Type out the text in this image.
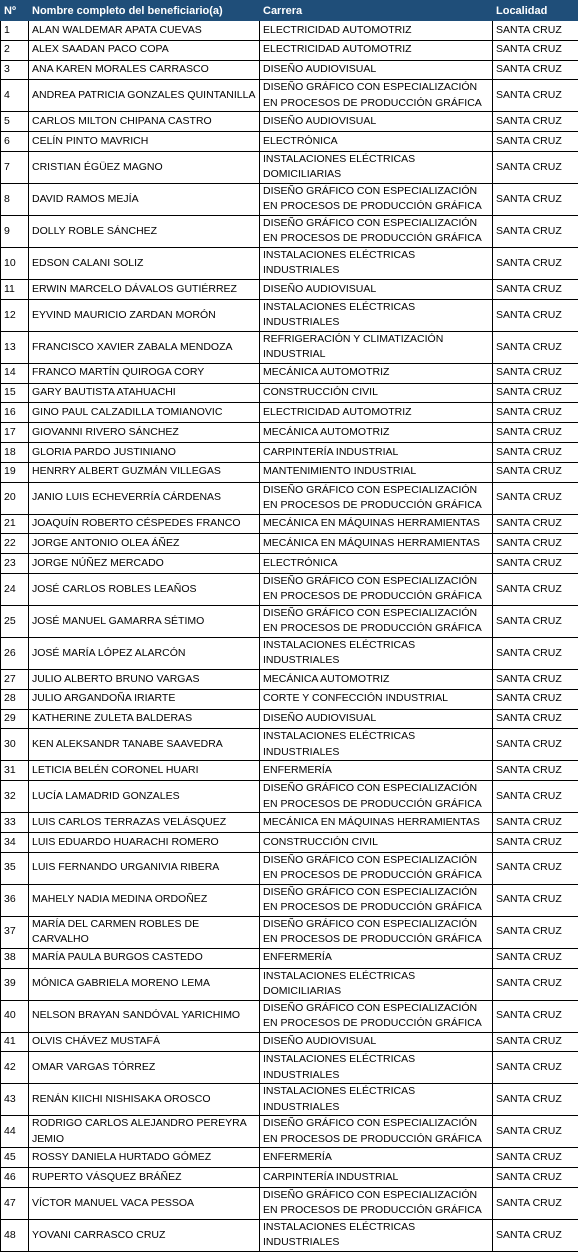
Nº	Nombre completo del beneficiario(a)	Carrera	Localidad
1	ALAN WALDEMAR APATA CUEVAS	ELECTRICIDAD AUTOMOTRIZ	SANTA CRUZ
2	ALEX SAADAN PACO COPA	ELECTRICIDAD AUTOMOTRIZ	SANTA CRUZ
3	ANA KAREN MORALES CARRASCO	DISEÑO AUDIOVISUAL	SANTA CRUZ
4	ANDREA PATRICIA GONZALES QUINTANILLA	DISEÑO GRÁFICO CON ESPECIALIZACIÓN EN PROCESOS DE PRODUCCIÓN GRÁFICA	SANTA CRUZ
5	CARLOS MILTON CHIPANA CASTRO	DISEÑO AUDIOVISUAL	SANTA CRUZ
6	CELÍN PINTO MAVRICH	ELECTRÓNICA	SANTA CRUZ
7	CRISTIAN ÉGÜEZ MAGNO	INSTALACIONES ELÉCTRICAS DOMICILIARIAS	SANTA CRUZ
8	DAVID RAMOS MEJÍA	DISEÑO GRÁFICO CON ESPECIALIZACIÓN EN PROCESOS DE PRODUCCIÓN GRÁFICA	SANTA CRUZ
9	DOLLY ROBLE SÁNCHEZ	DISEÑO GRÁFICO CON ESPECIALIZACIÓN EN PROCESOS DE PRODUCCIÓN GRÁFICA	SANTA CRUZ
10	EDSON CALANI SOLIZ	INSTALACIONES ELÉCTRICAS INDUSTRIALES	SANTA CRUZ
11	ERWIN MARCELO DÁVALOS GUTIÉRREZ	DISEÑO AUDIOVISUAL	SANTA CRUZ
12	EYVIND MAURICIO ZARDAN MORÓN	INSTALACIONES ELÉCTRICAS INDUSTRIALES	SANTA CRUZ
13	FRANCISCO XAVIER ZABALA MENDOZA	REFRIGERACIÓN Y CLIMATIZACIÓN INDUSTRIAL	SANTA CRUZ
14	FRANCO MARTÍN QUIROGA CORY	MECÁNICA AUTOMOTRIZ	SANTA CRUZ
15	GARY BAUTISTA ATAHUACHI	CONSTRUCCIÓN CIVIL	SANTA CRUZ
16	GINO PAUL CALZADILLA TOMIANOVIC	ELECTRICIDAD AUTOMOTRIZ	SANTA CRUZ
17	GIOVANNI RIVERO SÁNCHEZ	MECÁNICA AUTOMOTRIZ	SANTA CRUZ
18	GLORIA PARDO JUSTINIANO	CARPINTERÍA INDUSTRIAL	SANTA CRUZ
19	HENRRY ALBERT GUZMÁN VILLEGAS	MANTENIMIENTO INDUSTRIAL	SANTA CRUZ
20	JANIO LUIS ECHEVERRÍA CÁRDENAS	DISEÑO GRÁFICO CON ESPECIALIZACIÓN EN PROCESOS DE PRODUCCIÓN GRÁFICA	SANTA CRUZ
21	JOAQUÍN ROBERTO CÉSPEDES FRANCO	MECÁNICA EN MÁQUINAS HERRAMIENTAS	SANTA CRUZ
22	JORGE ANTONIO OLEA ÁÑEZ	MECÁNICA EN MÁQUINAS HERRAMIENTAS	SANTA CRUZ
23	JORGE NÚÑEZ MERCADO	ELECTRÓNICA	SANTA CRUZ
24	JOSÉ CARLOS ROBLES LEAÑOS	DISEÑO GRÁFICO CON ESPECIALIZACIÓN EN PROCESOS DE PRODUCCIÓN GRÁFICA	SANTA CRUZ
25	JOSÉ MANUEL GAMARRA SÉTIMO	DISEÑO GRÁFICO CON ESPECIALIZACIÓN EN PROCESOS DE PRODUCCIÓN GRÁFICA	SANTA CRUZ
26	JOSÉ MARÍA LÓPEZ ALARCÓN	INSTALACIONES ELÉCTRICAS INDUSTRIALES	SANTA CRUZ
27	JULIO ALBERTO BRUNO VARGAS	MECÁNICA AUTOMOTRIZ	SANTA CRUZ
28	JULIO ARGANDOÑA IRIARTE	CORTE Y CONFECCIÓN INDUSTRIAL	SANTA CRUZ
29	KATHERINE ZULETA BALDERAS	DISEÑO AUDIOVISUAL	SANTA CRUZ
30	KEN ALEKSANDR TANABE SAAVEDRA	INSTALACIONES ELÉCTRICAS INDUSTRIALES	SANTA CRUZ
31	LETICIA BELÉN CORONEL HUARI	ENFERMERÍA	SANTA CRUZ
32	LUCÍA LAMADRID GONZALES	DISEÑO GRÁFICO CON ESPECIALIZACIÓN EN PROCESOS DE PRODUCCIÓN GRÁFICA	SANTA CRUZ
33	LUIS CARLOS TERRAZAS VELÁSQUEZ	MECÁNICA EN MÁQUINAS HERRAMIENTAS	SANTA CRUZ
34	LUIS EDUARDO HUARACHI ROMERO	CONSTRUCCIÓN CIVIL	SANTA CRUZ
35	LUIS FERNANDO URGANIVIA RIBERA	DISEÑO GRÁFICO CON ESPECIALIZACIÓN EN PROCESOS DE PRODUCCIÓN GRÁFICA	SANTA CRUZ
36	MAHELY NADIA MEDINA ORDOÑEZ	DISEÑO GRÁFICO CON ESPECIALIZACIÓN EN PROCESOS DE PRODUCCIÓN GRÁFICA	SANTA CRUZ
37	MARÍA DEL CARMEN ROBLES DE CARVALHO	DISEÑO GRÁFICO CON ESPECIALIZACIÓN EN PROCESOS DE PRODUCCIÓN GRÁFICA	SANTA CRUZ
38	MARÍA PAULA BURGOS CASTEDO	ENFERMERÍA	SANTA CRUZ
39	MÓNICA GABRIELA MORENO LEMA	INSTALACIONES ELÉCTRICAS DOMICILIARIAS	SANTA CRUZ
40	NELSON BRAYAN SANDÓVAL YARICHIMO	DISEÑO GRÁFICO CON ESPECIALIZACIÓN EN PROCESOS DE PRODUCCIÓN GRÁFICA	SANTA CRUZ
41	OLVIS CHÁVEZ MUSTAFÁ	DISEÑO AUDIOVISUAL	SANTA CRUZ
42	OMAR VARGAS TÓRREZ	INSTALACIONES ELÉCTRICAS INDUSTRIALES	SANTA CRUZ
43	RENÁN KIICHI NISHISAKA OROSCO	INSTALACIONES ELÉCTRICAS INDUSTRIALES	SANTA CRUZ
44	RODRIGO CARLOS ALEJANDRO PEREYRA JEMIO	DISEÑO GRÁFICO CON ESPECIALIZACIÓN EN PROCESOS DE PRODUCCIÓN GRÁFICA	SANTA CRUZ
45	ROSSY DANIELA HURTADO GÓMEZ	ENFERMERÍA	SANTA CRUZ
46	RUPERTO VÁSQUEZ BRÁÑEZ	CARPINTERÍA INDUSTRIAL	SANTA CRUZ
47	VÍCTOR MANUEL VACA PESSOA	DISEÑO GRÁFICO CON ESPECIALIZACIÓN EN PROCESOS DE PRODUCCIÓN GRÁFICA	SANTA CRUZ
48	YOVANI CARRASCO CRUZ	INSTALACIONES ELÉCTRICAS INDUSTRIALES	SANTA CRUZ
